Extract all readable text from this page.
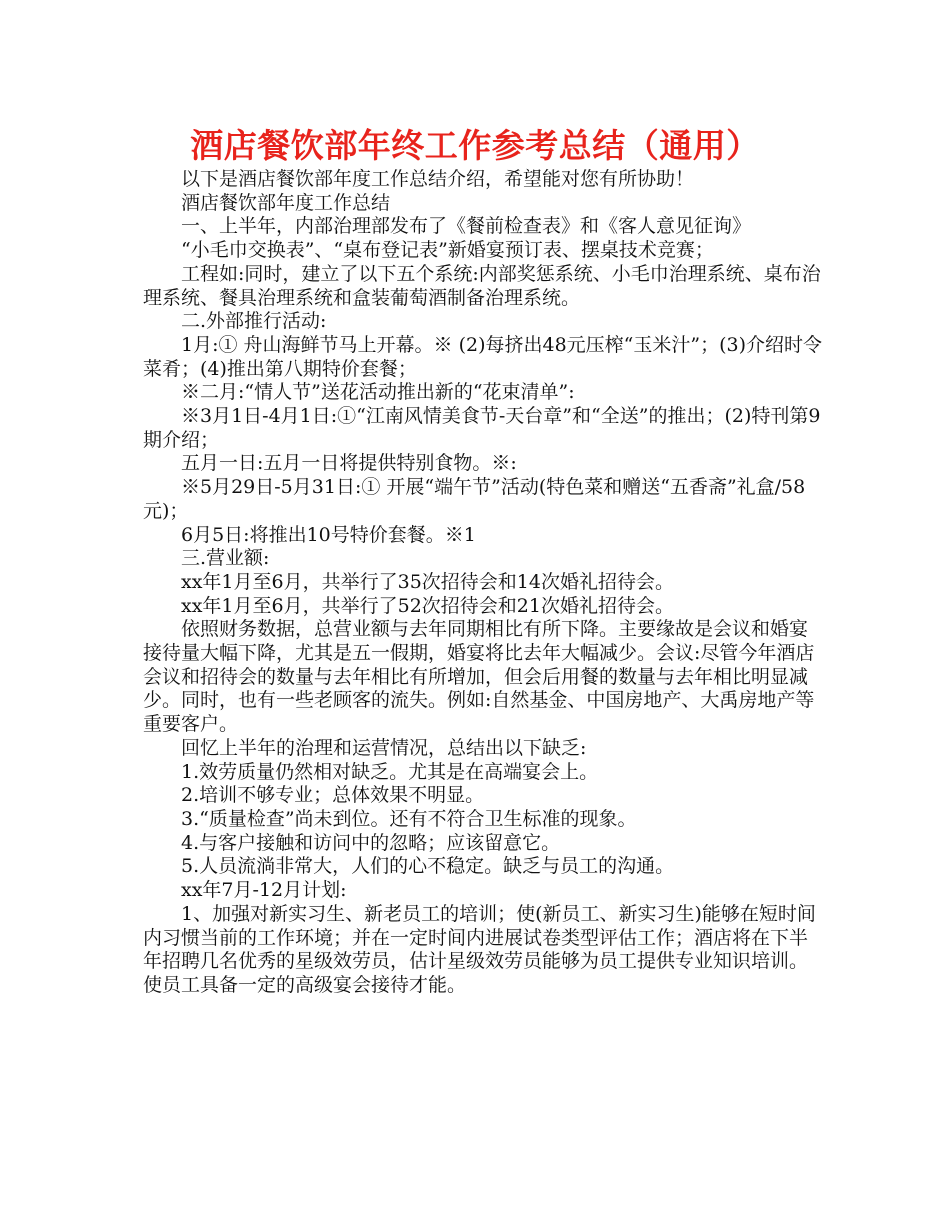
酒店餐饮部年终工作参考总结（通用）

以下是酒店餐饮部年度工作总结介绍，希望能对您有所协助！

酒店餐饮部年度工作总结

一、上半年，内部治理部发布了《餐前检查表》和《客人意见征询》

“小毛巾交换表”、“桌布登记表”新婚宴预订表、摆桌技术竞赛；

工程如:同时，建立了以下五个系统:内部奖惩系统、小毛巾治理系统、桌布治理系统、餐具治理系统和盒装葡萄酒制备治理系统。

二.外部推行活动:

1月:① 舟山海鲜节马上开幕。※ (2)每挤出48元压榨“玉米汁”；(3)介绍时令菜肴；(4)推出第八期特价套餐；

※二月:“情人节”送花活动推出新的“花束清单”:

※3月1日-4月1日:①“江南风情美食节-天台章”和“全送”的推出；(2)特刊第9期介绍；

五月一日:五月一日将提供特别食物。※:

※5月29日-5月31日:① 开展“端午节”活动(特色菜和赠送“五香斋”礼盒/58元)；

6月5日:将推出10号特价套餐。※1

三.营业额:

xx年1月至6月，共举行了35次招待会和14次婚礼招待会。

xx年1月至6月，共举行了52次招待会和21次婚礼招待会。

依照财务数据，总营业额与去年同期相比有所下降。主要缘故是会议和婚宴接待量大幅下降，尤其是五一假期，婚宴将比去年大幅减少。会议:尽管今年酒店会议和招待会的数量与去年相比有所增加，但会后用餐的数量与去年相比明显减少。同时，也有一些老顾客的流失。例如:自然基金、中国房地产、大禹房地产等重要客户。

回忆上半年的治理和运营情况，总结出以下缺乏:

1.效劳质量仍然相对缺乏。尤其是在高端宴会上。

2.培训不够专业；总体效果不明显。

3.“质量检查”尚未到位。还有不符合卫生标准的现象。

4.与客户接触和访问中的忽略；应该留意它。

5.人员流淌非常大，人们的心不稳定。缺乏与员工的沟通。

xx年7月-12月计划:

1、加强对新实习生、新老员工的培训；使(新员工、新实习生)能够在短时间内习惯当前的工作环境；并在一定时间内进展试卷类型评估工作；酒店将在下半年招聘几名优秀的星级效劳员，估计星级效劳员能够为员工提供专业知识培训。使员工具备一定的高级宴会接待才能。
